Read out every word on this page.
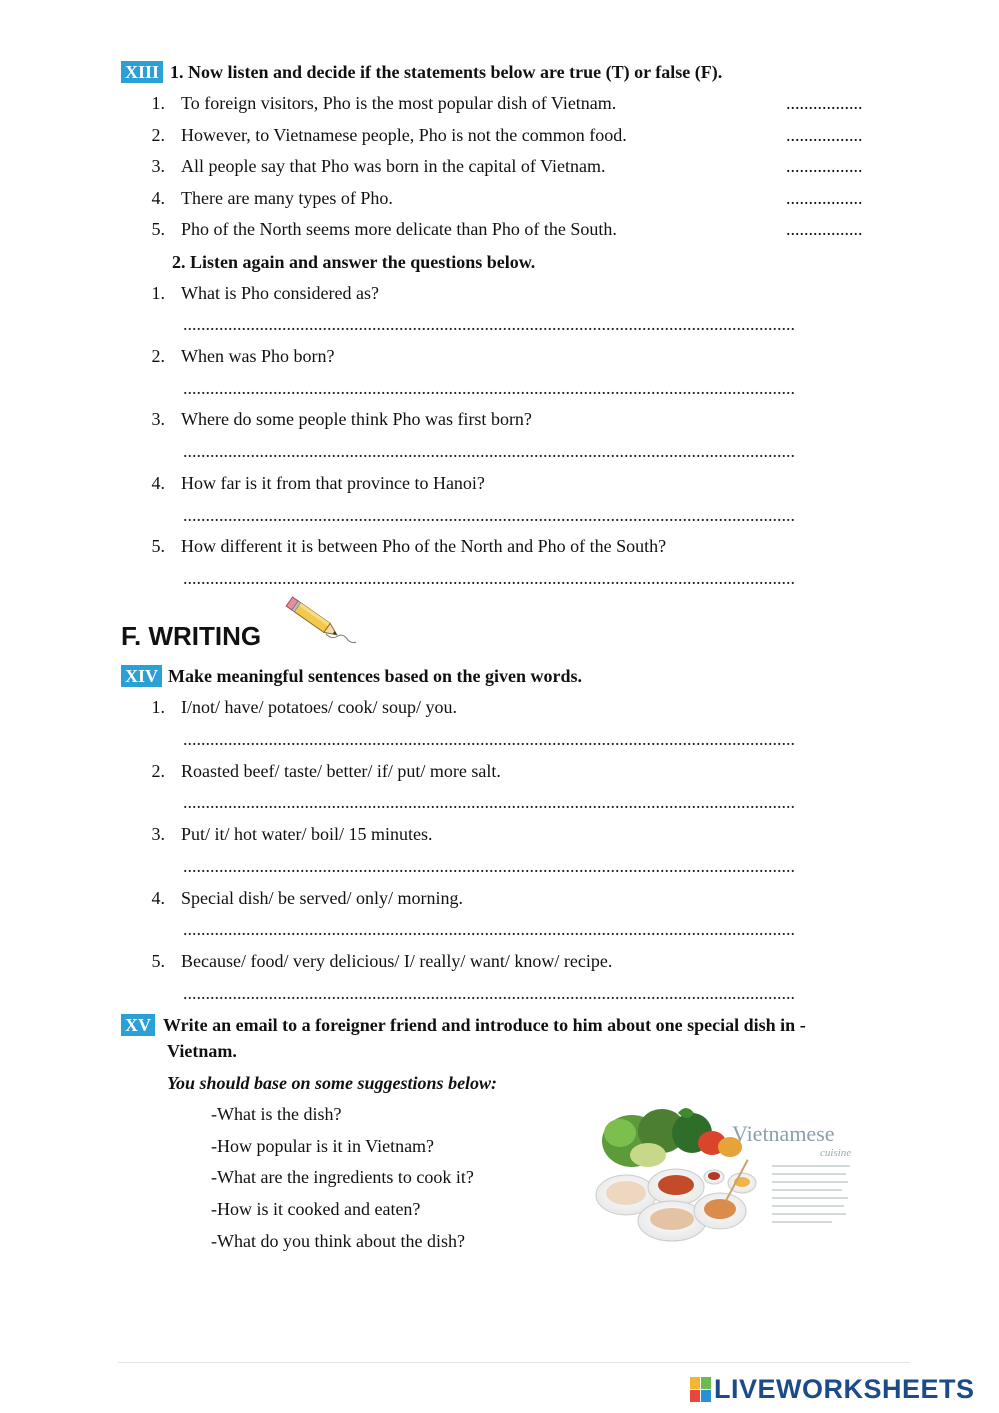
XIII 1. Now listen and decide if the statements below are true (T) or false (F).
1. To foreign visitors, Pho is the most popular dish of Vietnam.	.................
2. However, to Vietnamese people, Pho is not the common food.	.................
3. All people say that Pho was born in the capital of Vietnam.	.................
4. There are many types of Pho.	.................
5. Pho of the North seems more delicate than Pho of the South.	.................
2. Listen again and answer the questions below.
1. What is Pho considered as?
........................................................................................................................................
2. When was Pho born?
........................................................................................................................................
3. Where do some people think Pho was first born?
........................................................................................................................................
4. How far is it from that province to Hanoi?
........................................................................................................................................
5. How different it is between Pho of the North and Pho of the South?
........................................................................................................................................
F. WRITING
XIV Make meaningful sentences based on the given words.
1. I/not/ have/ potatoes/ cook/ soup/ you.
........................................................................................................................................
2. Roasted beef/ taste/ better/ if/ put/ more salt.
........................................................................................................................................
3. Put/ it/ hot water/ boil/ 15 minutes.
........................................................................................................................................
4. Special dish/ be served/ only/ morning.
........................................................................................................................................
5. Because/ food/ very delicious/ I/ really/ want/ know/ recipe.
........................................................................................................................................
XV Write an email to a foreigner friend and introduce to him about one special dish in -
Vietnam.
You should base on some suggestions below:
-What is the dish?
-How popular is it in Vietnam?
-What are the ingredients to cook it?
-How is it cooked and eaten?
-What do you think about the dish?
Vietnamese
cuisine
LIVEWORKSHEETS
